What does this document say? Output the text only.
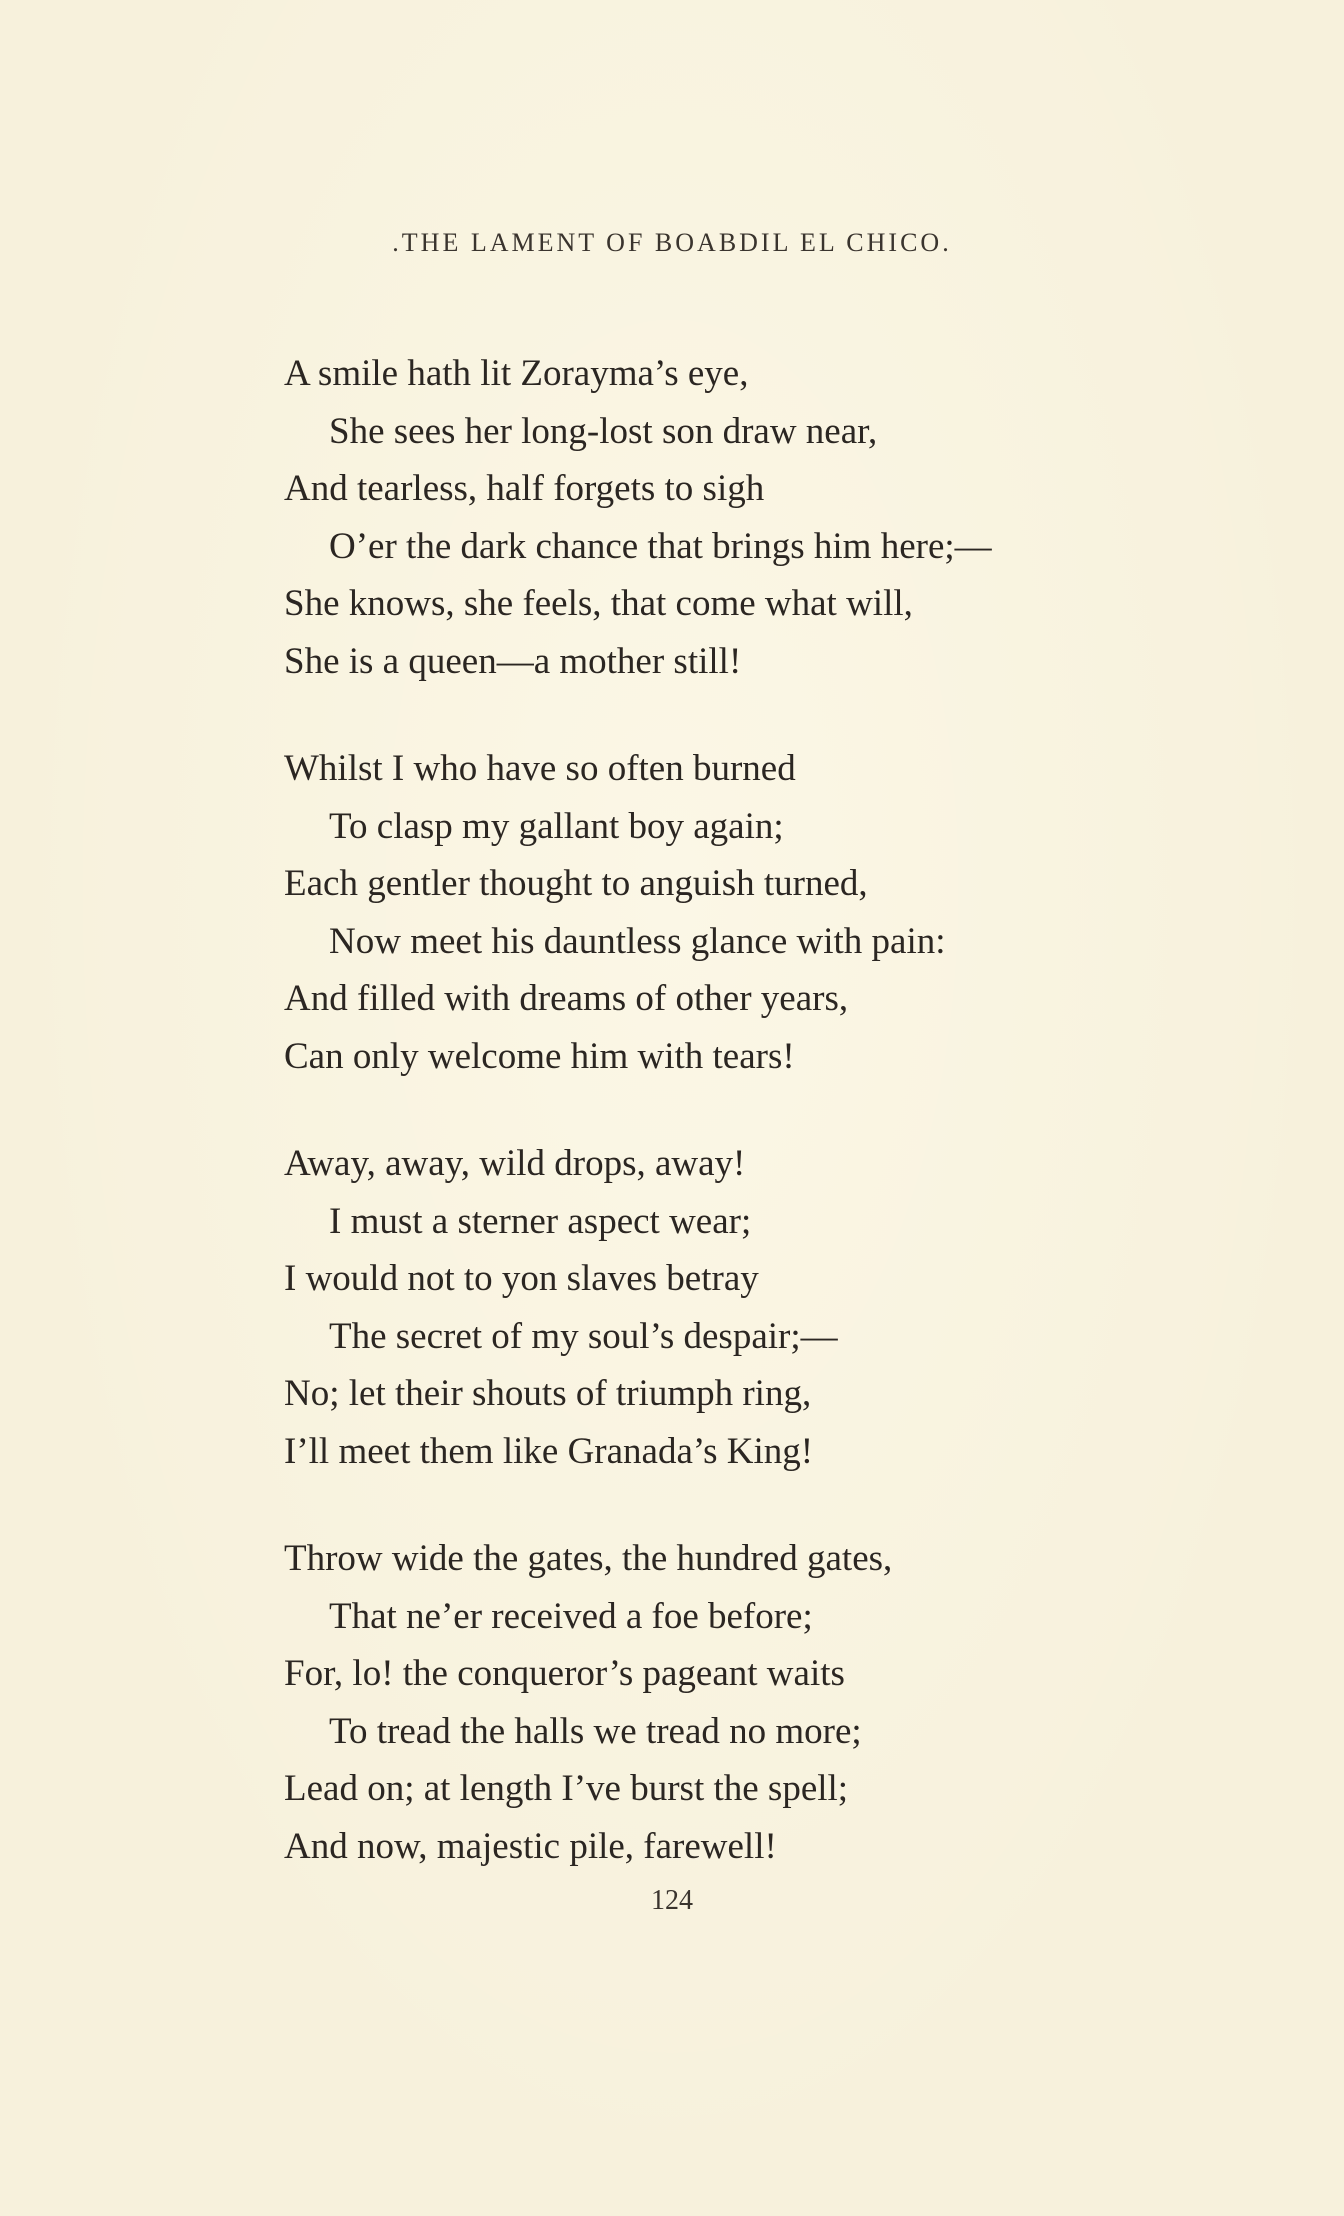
.THE LAMENT OF BOABDIL EL CHICO.
A smile hath lit Zorayma’s eye,
She sees her long-lost son draw near,
And tearless, half forgets to sigh
O’er the dark chance that brings him here;—
She knows, she feels, that come what will,
She is a queen—a mother still!
Whilst I who have so often burned
To clasp my gallant boy again;
Each gentler thought to anguish turned,
Now meet his dauntless glance with pain:
And filled with dreams of other years,
Can only welcome him with tears!
Away, away, wild drops, away!
I must a sterner aspect wear;
I would not to yon slaves betray
The secret of my soul’s despair;—
No; let their shouts of triumph ring,
I’ll meet them like Granada’s King!
Throw wide the gates, the hundred gates,
That ne’er received a foe before;
For, lo! the conqueror’s pageant waits
To tread the halls we tread no more;
Lead on; at length I’ve burst the spell;
And now, majestic pile, farewell!
124
